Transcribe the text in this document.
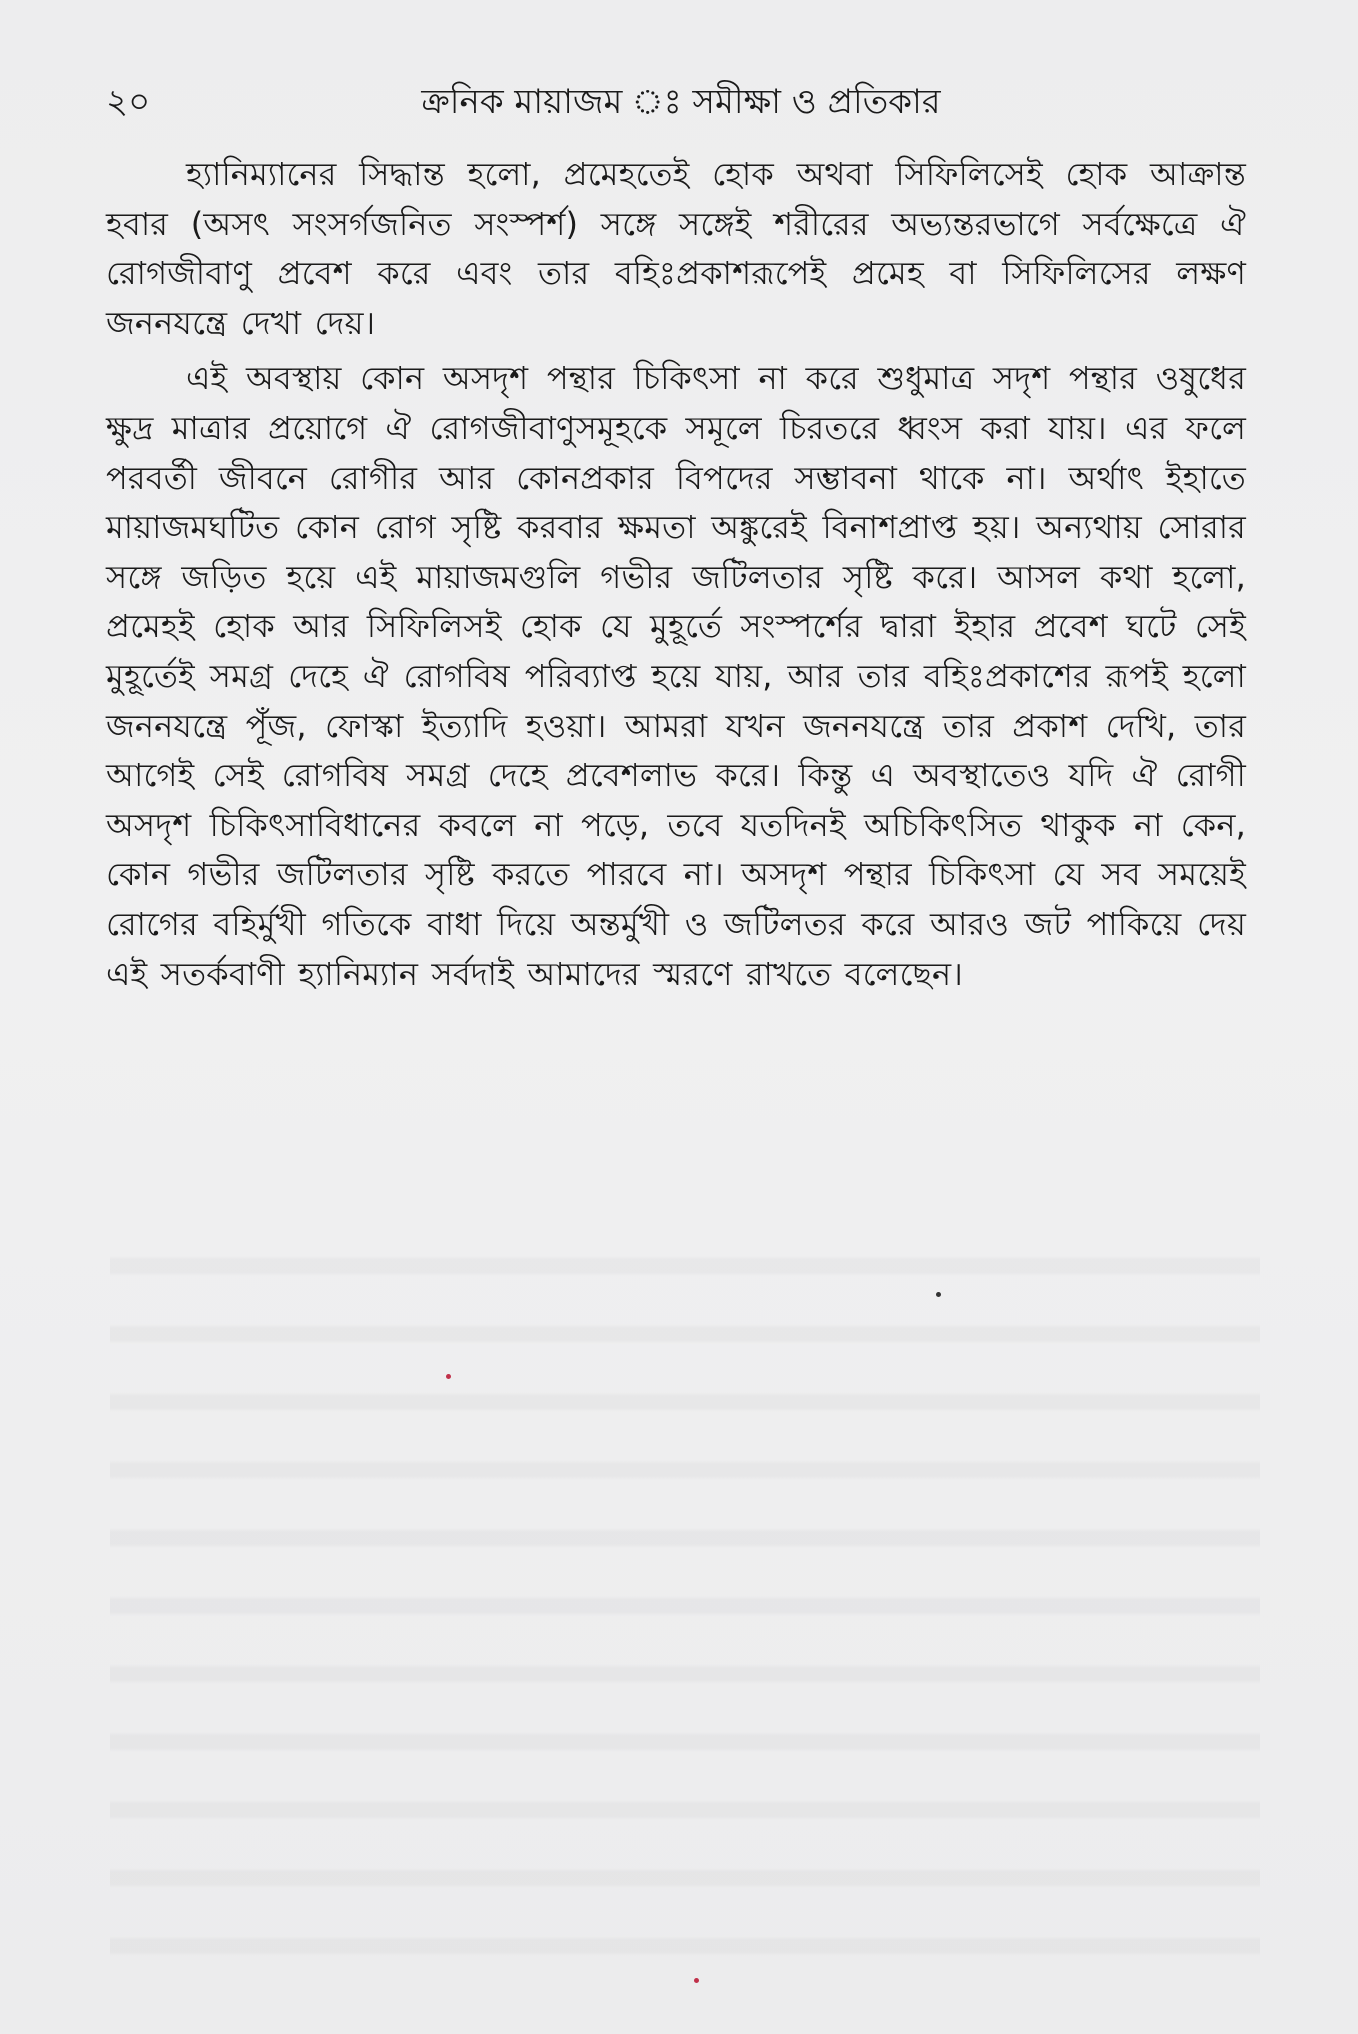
২০	ক্রনিক মায়াজম ঃ সমীক্ষা ও প্রতিকার

হ্যানিম্যানের সিদ্ধান্ত হলো, প্রমেহতেই হোক অথবা সিফিলিসেই হোক আক্রান্ত হবার (অসৎ সংসর্গজনিত সংস্পর্শ) সঙ্গে সঙ্গেই শরীরের অভ্যন্তরভাগে সর্বক্ষেত্রে ঐ রোগজীবাণু প্রবেশ করে এবং তার বহিঃপ্রকাশরূপেই প্রমেহ বা সিফিলিসের লক্ষণ জননযন্ত্রে দেখা দেয়।

এই অবস্থায় কোন অসদৃশ পন্থার চিকিৎসা না করে শুধুমাত্র সদৃশ পন্থার ওষুধের ক্ষুদ্র মাত্রার প্রয়োগে ঐ রোগজীবাণুসমূহকে সমূলে চিরতরে ধ্বংস করা যায়। এর ফলে পরবর্তী জীবনে রোগীর আর কোনপ্রকার বিপদের সম্ভাবনা থাকে না। অর্থাৎ ইহাতে মায়াজমঘটিত কোন রোগ সৃষ্টি করবার ক্ষমতা অঙ্কুরেই বিনাশপ্রাপ্ত হয়। অন্যথায় সোরার সঙ্গে জড়িত হয়ে এই মায়াজমগুলি গভীর জটিলতার সৃষ্টি করে। আসল কথা হলো, প্রমেহই হোক আর সিফিলিসই হোক যে মুহূর্তে সংস্পর্শের দ্বারা ইহার প্রবেশ ঘটে সেই মুহূর্তেই সমগ্র দেহে ঐ রোগবিষ পরিব্যাপ্ত হয়ে যায়, আর তার বহিঃপ্রকাশের রূপই হলো জননযন্ত্রে পূঁজ, ফোস্কা ইত্যাদি হওয়া। আমরা যখন জননযন্ত্রে তার প্রকাশ দেখি, তার আগেই সেই রোগবিষ সমগ্র দেহে প্রবেশলাভ করে। কিন্তু এ অবস্থাতেও যদি ঐ রোগী অসদৃশ চিকিৎসাবিধানের কবলে না পড়ে, তবে যতদিনই অচিকিৎসিত থাকুক না কেন, কোন গভীর জটিলতার সৃষ্টি করতে পারবে না। অসদৃশ পন্থার চিকিৎসা যে সব সময়েই রোগের বহির্মুখী গতিকে বাধা দিয়ে অন্তর্মুখী ও জটিলতর করে আরও জট পাকিয়ে দেয় এই সতর্কবাণী হ্যানিম্যান সর্বদাই আমাদের স্মরণে রাখতে বলেছেন।
